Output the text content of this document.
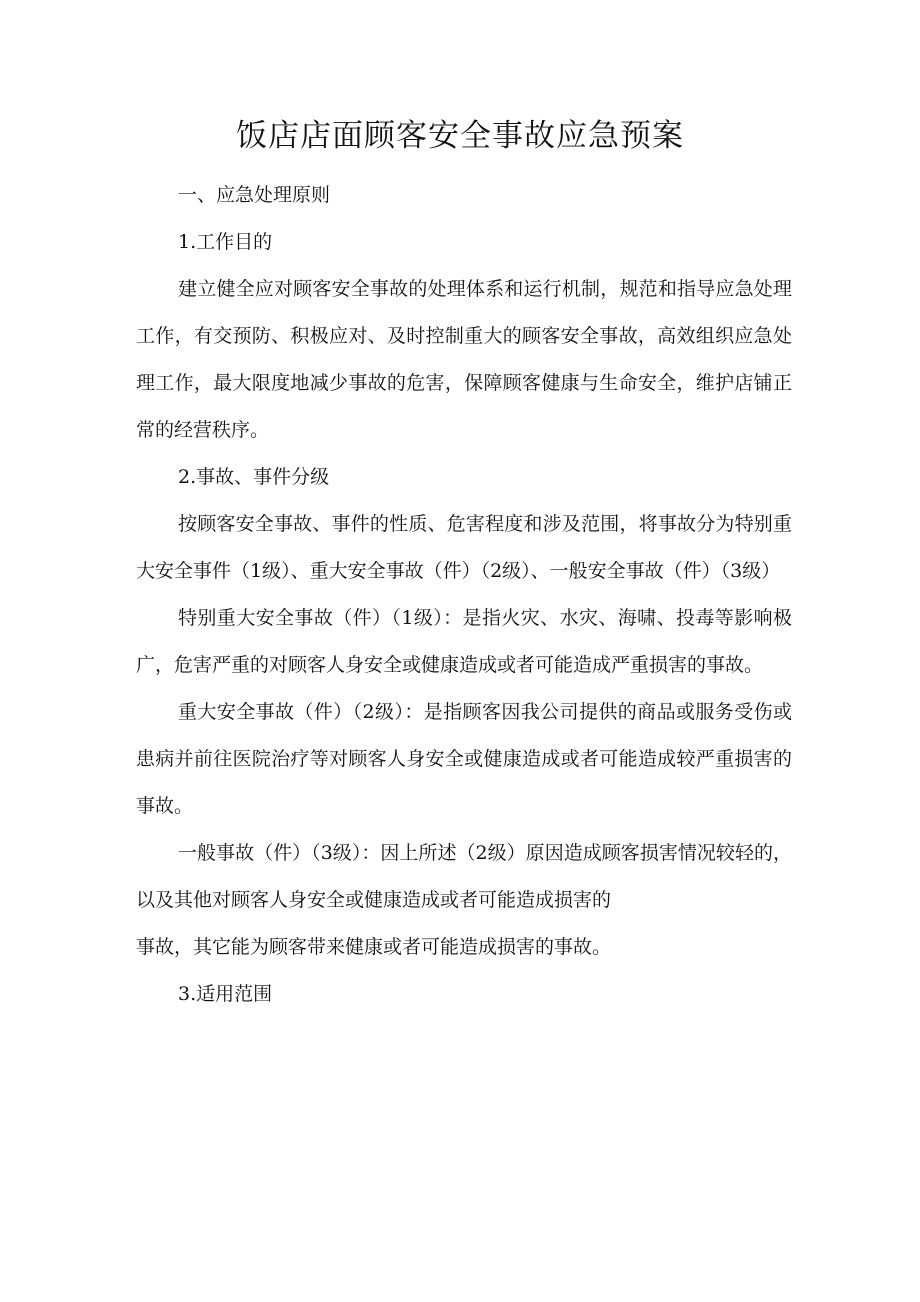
饭店店面顾客安全事故应急预案

一、应急处理原则

1.工作目的

建立健全应对顾客安全事故的处理体系和运行机制，规范和指导应急处理工作，有交预防、积极应对、及时控制重大的顾客安全事故，高效组织应急处理工作，最大限度地减少事故的危害，保障顾客健康与生命安全，维护店铺正常的经营秩序。

2.事故、事件分级

按顾客安全事故、事件的性质、危害程度和涉及范围，将事故分为特别重大安全事件（1级）、重大安全事故（件）（2级）、一般安全事故（件）（3级）

特别重大安全事故（件）（1级）：是指火灾、水灾、海啸、投毒等影响极广，危害严重的对顾客人身安全或健康造成或者可能造成严重损害的事故。

重大安全事故（件）（2级）：是指顾客因我公司提供的商品或服务受伤或患病并前往医院治疗等对顾客人身安全或健康造成或者可能造成较严重损害的事故。

一般事故（件）（3级）：因上所述（2级）原因造成顾客损害情况较轻的，以及其他对顾客人身安全或健康造成或者可能造成损害的

事故，其它能为顾客带来健康或者可能造成损害的事故。

3.适用范围
